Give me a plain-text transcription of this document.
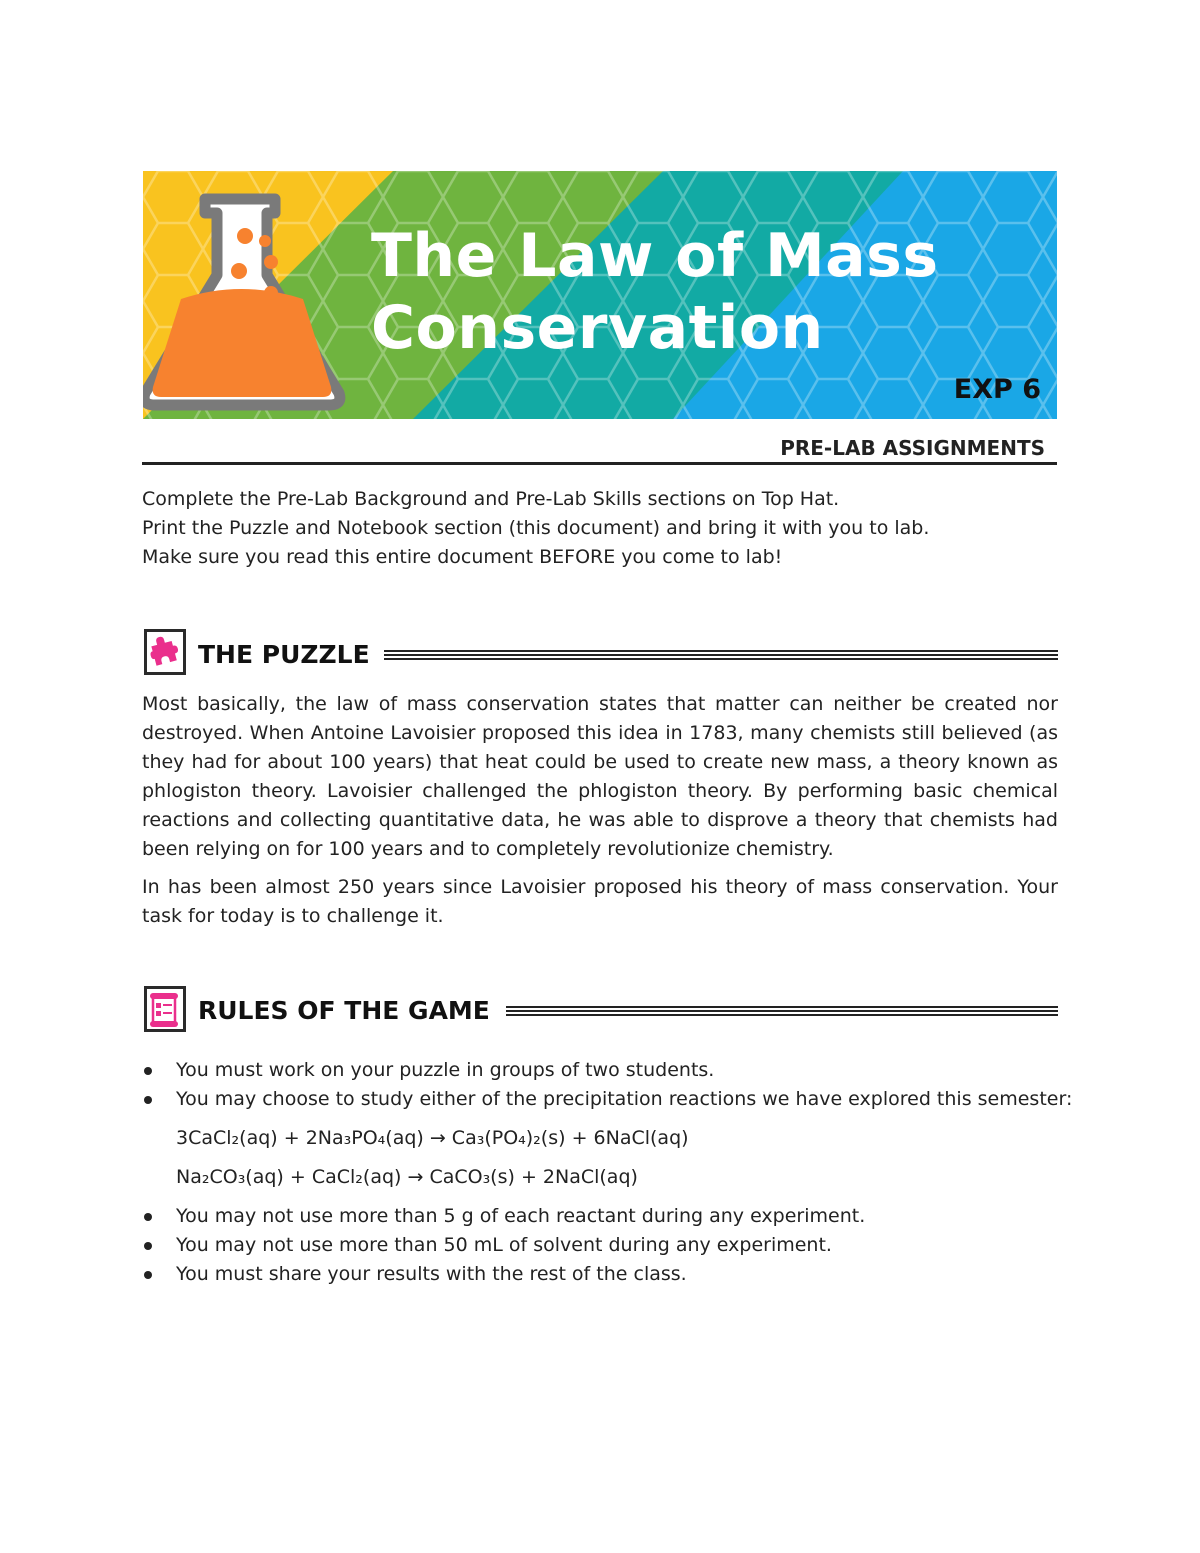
The Law of Mass
Conservation
EXP 6
PRE-LAB ASSIGNMENTS

Complete the Pre-Lab Background and Pre-Lab Skills sections on Top Hat.

Print the Puzzle and Notebook section (this document) and bring it with you to lab.

Make sure you read this entire document BEFORE you come to lab!

THE PUZZLE

Most basically, the law of mass conservation states that matter can neither be created nor destroyed. When Antoine Lavoisier proposed this idea in 1783, many chemists still believed (as they had for about 100 years) that heat could be used to create new mass, a theory known as phlogiston theory. Lavoisier challenged the phlogiston theory. By performing basic chemical reactions and collecting quantitative data, he was able to disprove a theory that chemists had been relying on for 100 years and to completely revolutionize chemistry.

In has been almost 250 years since Lavoisier proposed his theory of mass conservation. Your task for today is to challenge it.

RULES OF THE GAME
You must work on your puzzle in groups of two students.
You may choose to study either of the precipitation reactions we have explored this semester:
3CaCl₂(aq) + 2Na₃PO₄(aq) → Ca₃(PO₄)₂(s) + 6NaCl(aq)
Na₂CO₃(aq) + CaCl₂(aq) → CaCO₃(s) + 2NaCl(aq)
You may not use more than 5 g of each reactant during any experiment.
You may not use more than 50 mL of solvent during any experiment.
You must share your results with the rest of the class.
